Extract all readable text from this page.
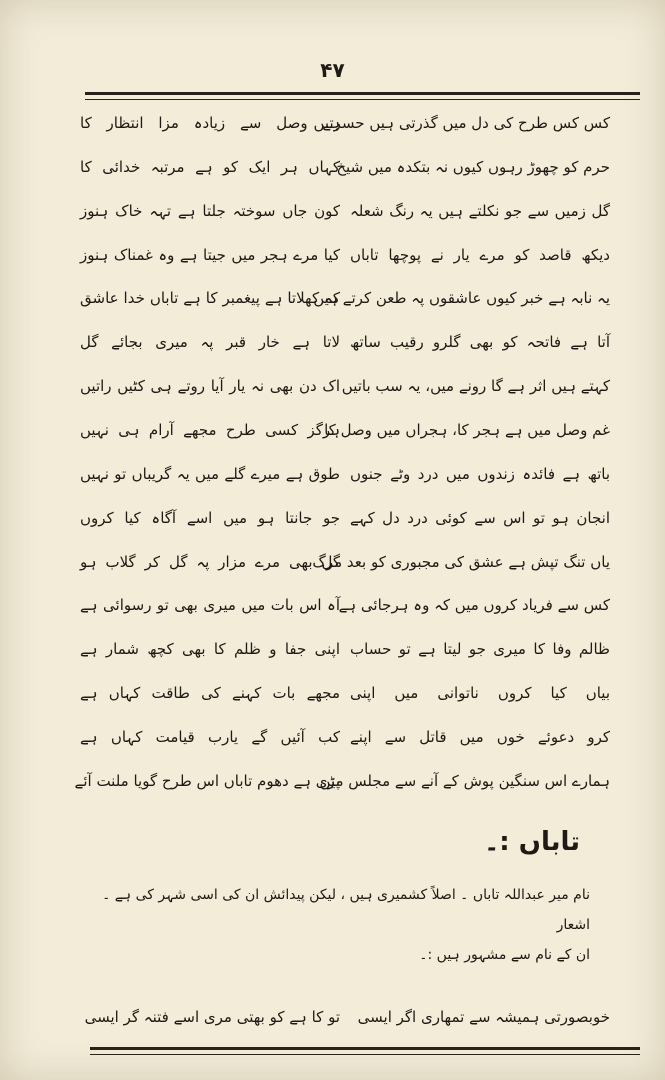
۴۷
کس کس طرح کی دل میں گذرتی ہیں حسرتیں
حرم کو چھوڑ رہوں کیوں نہ بتکدہ میں شیخ
گل زمیں سے جو نکلتے ہیں یہ رنگ شعلہ
دیکھ قاصد کو مرے یار نے پوچھا تاباں
یہ نابہ ہے خبر کیوں عاشقوں پہ طعن کرتے ہیں
آتا ہے فاتحہ کو بھی گلرو رقیب ساتھ
کہتے ہیں اثر ہے گا رونے میں، یہ سب باتیں
غم وصل میں ہے ہجر کا، ہجراں میں وصل کا
باتھ ہے فائدہ زندوں میں درد وٹے جنوں
انجان ہو تو اس سے کوئی درد دل کہے
یاں تنگ تپش ہے عشق کی مجبوری کو بعد مرگ
کس سے فریاد کروں میں کہ وہ ہرجائی ہے
ظالم وفا کا میری جو لیتا ہے تو حساب
بیاں کیا کروں ناتوانی میں اپنی
کرو دعوئے خوں میں قاتل سے اپنے
ہمارے اس سنگین پوش کے آنے سے مجلس میں
ہے وصل سے زیادہ مزا انتظار کا
کہاں ہر ایک کو ہے مرتبہ خدائی کا
کون جاں سوختہ جلتا ہے تہہ خاک ہنوز
کیا مرے ہجر میں جیتا ہے وہ غمناک ہنوز
کہ کھلاتا ہے پیغمبر کا ہے تاباں خدا عاشق
لاتا ہے خار قبر پہ میری بجائے گل
اک دن بھی نہ یار آیا روتے ہی کٹیں راتیں
ہرگز کسی طرح مجھے آرام ہی نہیں
طوق ہے میرے گلے میں یہ گریباں تو نہیں
جو جانتا ہو میں اسے آگاہ کیا کروں
گل بھی مرے مزار پہ گل کر گلاب ہو
آہ اس بات میں میری بھی تو رسوائی ہے
اپنی جفا و ظلم کا بھی کچھ شمار ہے
مجھے بات کہنے کی طاقت کہاں ہے
کب آئیں گے یارب قیامت کہاں ہے
پڑی ہے دھوم تاباں اس طرح گویا ملنت آئے
تاباں :۔
نام میر عبداللہ تاباں ۔ اصلاً کشمیری ہیں ، لیکن پیدائش ان کی اسی شہر کی ہے ۔ اشعار
ان کے نام سے مشہور ہیں :۔
خوبصورتی ہمیشہ سے تمھاری اگر ایسی
تو کا ہے کو بھتی مری اسے فتنہ گر ایسی
